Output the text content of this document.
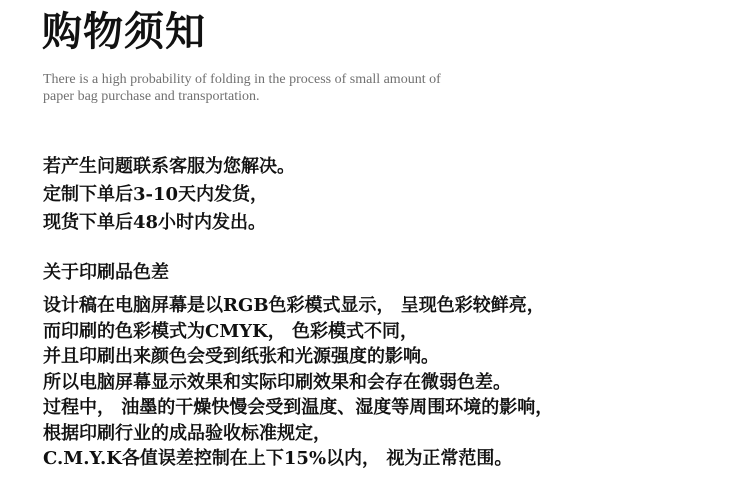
购物须知
There is a high probability of folding in the process of small amount of
paper bag purchase and transportation.
若产生问题联系客服为您解决。
定制下单后3-10天内发货，
现货下单后48小时内发出。
关于印刷品色差
设计稿在电脑屏幕是以RGB色彩模式显示， 呈现色彩较鲜亮，
而印刷的色彩模式为CMYK， 色彩模式不同，
并且印刷出来颜色会受到纸张和光源强度的影响。
所以电脑屏幕显示效果和实际印刷效果和会存在微弱色差。
过程中， 油墨的干燥快慢会受到温度、湿度等周围环境的影响，
根据印刷行业的成品验收标准规定，
C.M.Y.K各值误差控制在上下15%以内， 视为正常范围。
